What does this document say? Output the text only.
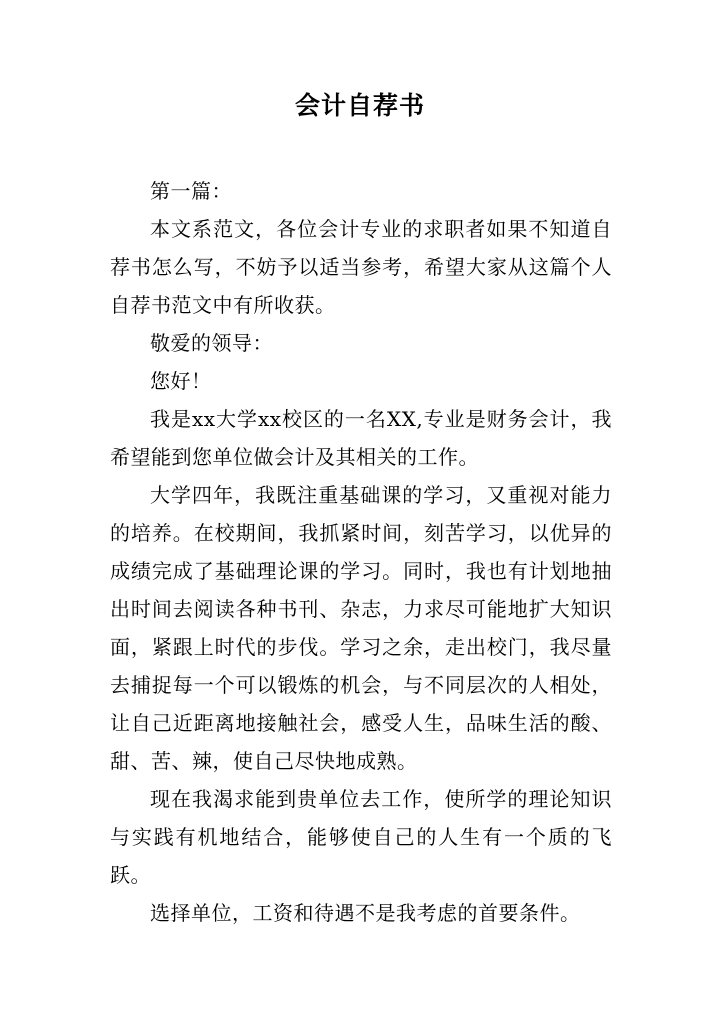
会计自荐书

第一篇：

本文系范文，各位会计专业的求职者如果不知道自荐书怎么写，不妨予以适当参考，希望大家从这篇个人自荐书范文中有所收获。

敬爱的领导：

您好！

我是xx大学xx校区的一名XX,专业是财务会计，我希望能到您单位做会计及其相关的工作。

大学四年，我既注重基础课的学习，又重视对能力的培养。在校期间，我抓紧时间，刻苦学习，以优异的成绩完成了基础理论课的学习。同时，我也有计划地抽出时间去阅读各种书刊、杂志，力求尽可能地扩大知识面，紧跟上时代的步伐。学习之余，走出校门，我尽量去捕捉每一个可以锻炼的机会，与不同层次的人相处，让自己近距离地接触社会，感受人生，品味生活的酸、甜、苦、辣，使自己尽快地成熟。

现在我渴求能到贵单位去工作，使所学的理论知识与实践有机地结合，能够使自己的人生有一个质的飞跃。

选择单位，工资和待遇不是我考虑的首要条件。
